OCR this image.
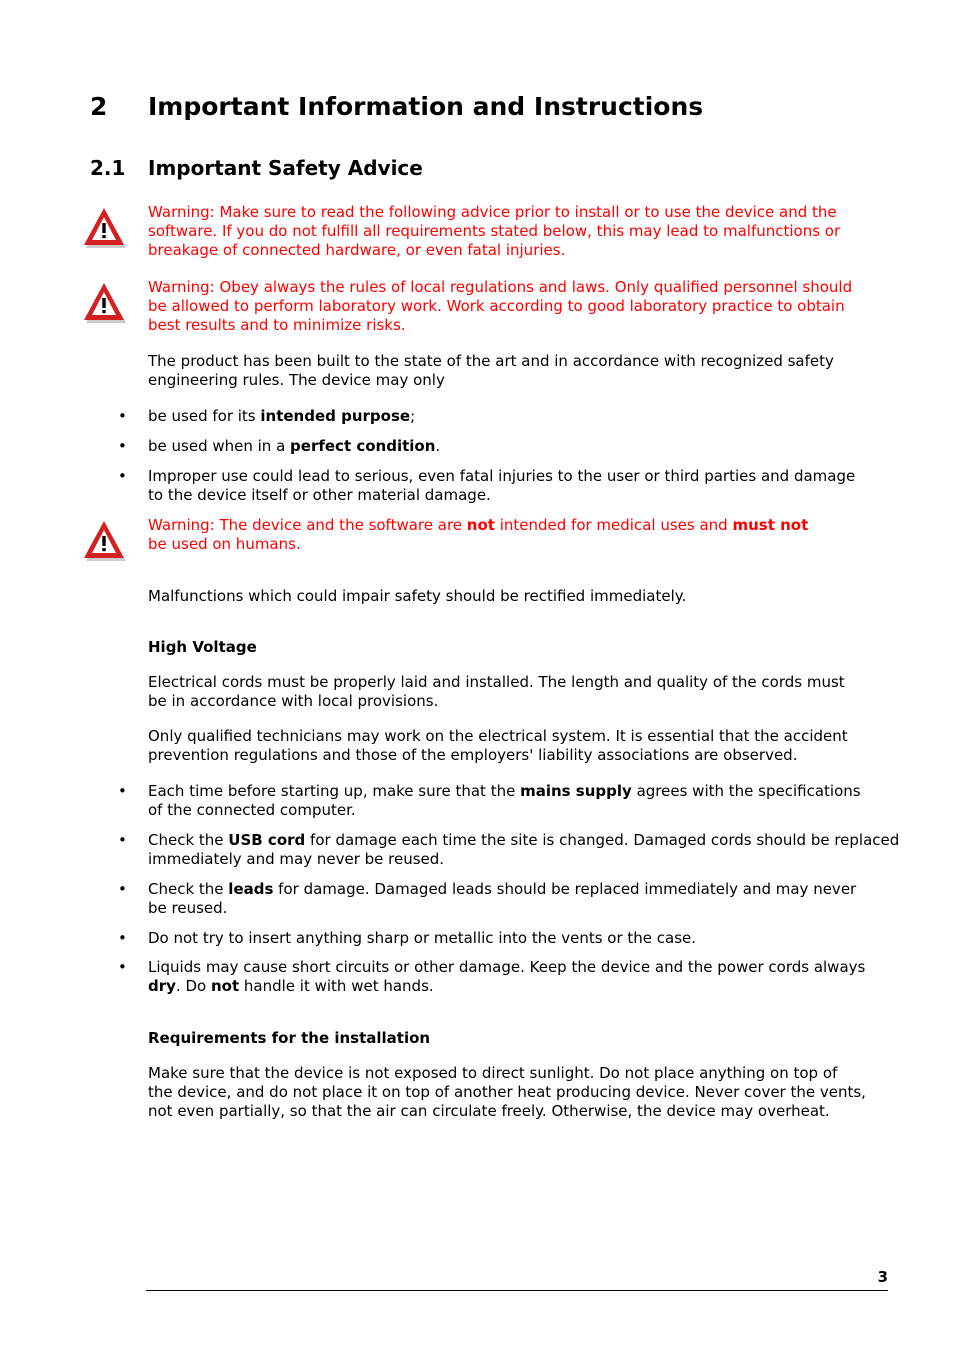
2 Important Information and Instructions
2.1 Important Safety Advice
Warning: Make sure to read the following advice prior to install or to use the device and the
software. If you do not fulfill all requirements stated below, this may lead to malfunctions or
breakage of connected hardware, or even fatal injuries.
Warning: Obey always the rules of local regulations and laws. Only qualified personnel should
be allowed to perform laboratory work. Work according to good laboratory practice to obtain
best results and to minimize risks.
The product has been built to the state of the art and in accordance with recognized safety
engineering rules. The device may only
• be used for its intended purpose;
• be used when in a perfect condition.
• Improper use could lead to serious, even fatal injuries to the user or third parties and damage
to the device itself or other material damage.
Warning: The device and the software are not intended for medical uses and must not
be used on humans.
Malfunctions which could impair safety should be rectified immediately.
High Voltage
Electrical cords must be properly laid and installed. The length and quality of the cords must
be in accordance with local provisions.
Only qualified technicians may work on the electrical system. It is essential that the accident
prevention regulations and those of the employers' liability associations are observed.
• Each time before starting up, make sure that the mains supply agrees with the specifications
of the connected computer.
• Check the USB cord for damage each time the site is changed. Damaged cords should be replaced
immediately and may never be reused.
• Check the leads for damage. Damaged leads should be replaced immediately and may never
be reused.
• Do not try to insert anything sharp or metallic into the vents or the case.
• Liquids may cause short circuits or other damage. Keep the device and the power cords always
dry. Do not handle it with wet hands.
Requirements for the installation
Make sure that the device is not exposed to direct sunlight. Do not place anything on top of
the device, and do not place it on top of another heat producing device. Never cover the vents,
not even partially, so that the air can circulate freely. Otherwise, the device may overheat.
3
